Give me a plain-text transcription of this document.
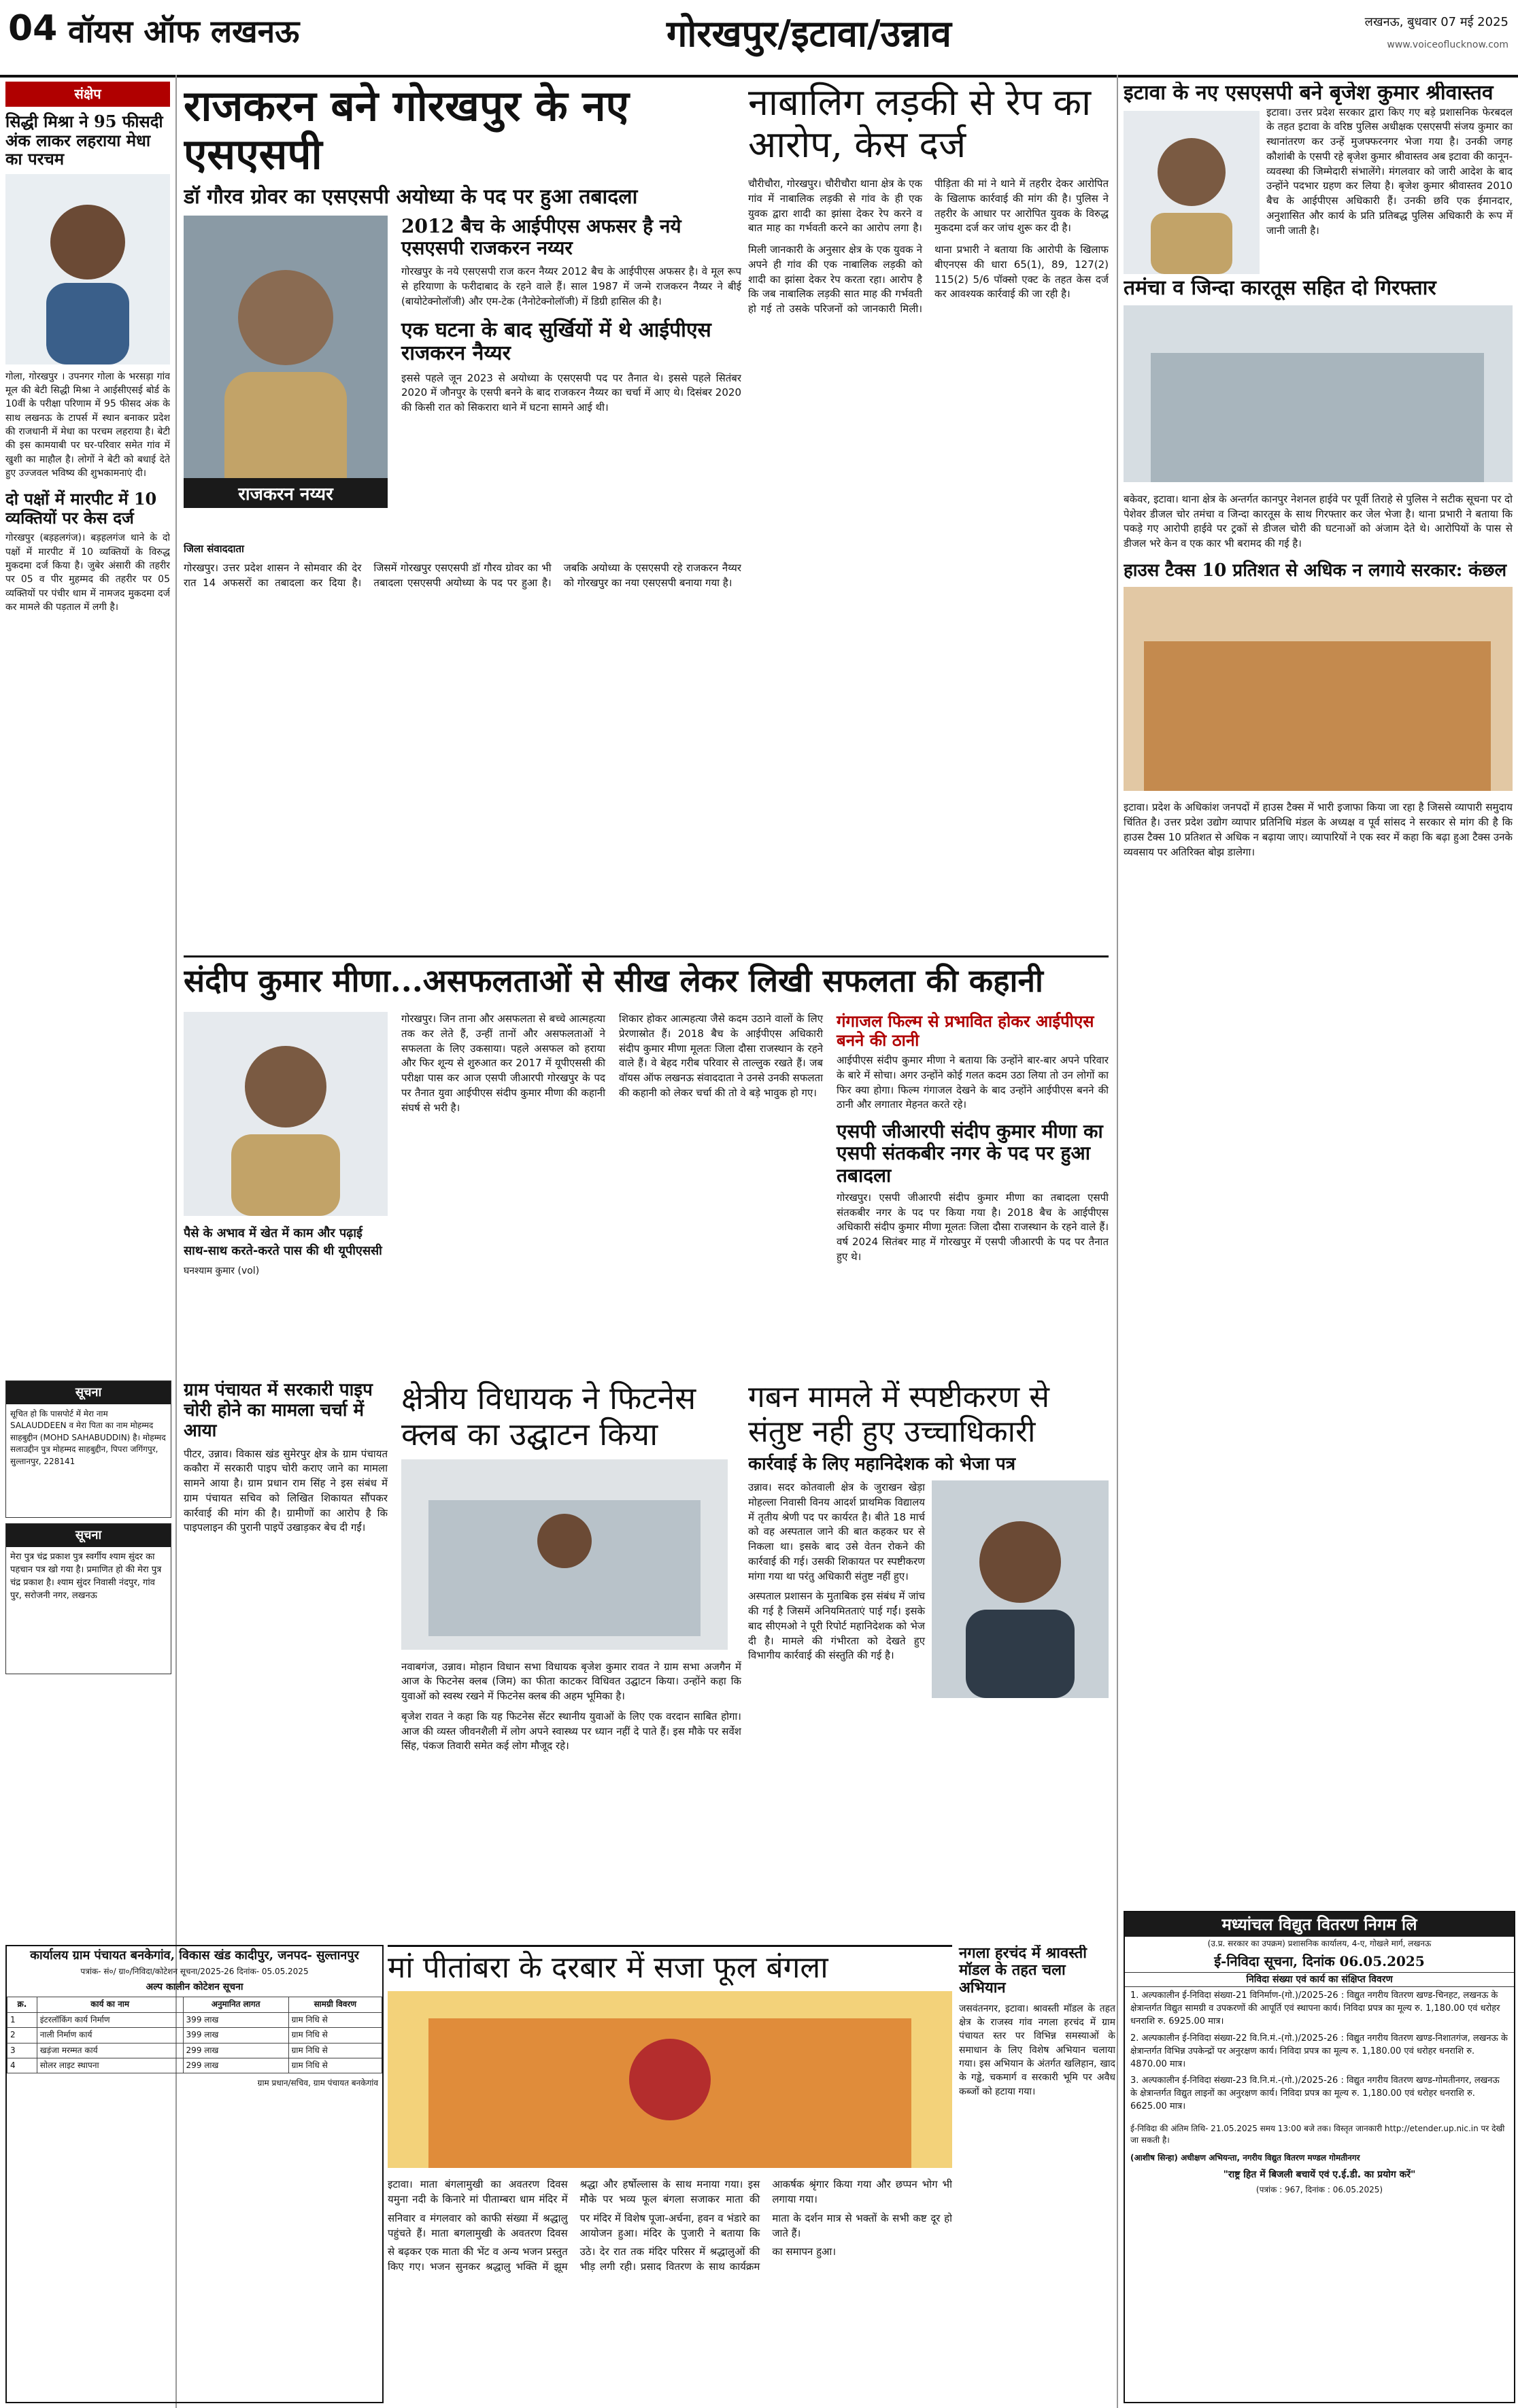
04 वॉयस ऑफ लखनऊ	गोरखपुर/इटावा/उन्नाव	लखनऊ, बुधवार 07 मई 2025
www.voiceoflucknow.com
संक्षेप
सिद्धी मिश्रा ने 95 फीसदी अंक लाकर लहराया मेधा का परचम
गोला, गोरखपुर । उपनगर गोला के भरसड़ा गांव मूल की बेटी सिद्धी मिश्रा ने आईसीएसई बोर्ड के 10वीं के परीक्षा परिणाम में 95 फीसद अंक के साथ लखनऊ के टापर्स में स्थान बनाकर प्रदेश की राजधानी में मेधा का परचम लहराया है। बेटी की इस कामयाबी पर घर-परिवार समेत गांव में खुशी का माहौल है। लोगों ने बेटी को बधाई देते हुए उज्जवल भविष्य की शुभकामनाएं दी।
दो पक्षों में मारपीट में 10 व्यक्तियों पर केस दर्ज
गोरखपुर (बड़हलगंज)। बड़हलगंज थाने के दो पक्षों में मारपीट में 10 व्यक्तियों के विरुद्ध मुकदमा दर्ज किया है। जुबेर अंसारी की तहरीर पर 05 व पीर मुहम्मद की तहरीर पर 05 व्यक्तियों पर पंचीर धाम में नामजद मुकदमा दर्ज कर मामले की पड़ताल में लगी है।
सूचना
सूचित हो कि पासपोर्ट में मेरा नाम SALAUDDEEN व मेरा पिता का नाम मोहम्मद साहबुद्दीन (MOHD SAHABUDDIN) है। मोहम्मद सलाउद्दीन पुत्र मोहम्मद साहबुद्दीन, पिपरा जगिंगपुर, सुल्तानपुर, 228141
सूचना
मेरा पुत्र चंद्र प्रकाश पुत्र स्वर्गीय श्याम सुंदर का पहचान पत्र खो गया है। प्रमाणित हो की मेरा पुत्र चंद्र प्रकाश है। श्याम सुंदर निवासी नंदपुर, गांव पुर, सरोजनी नगर, लखनऊ
राजकरन बने गोरखपुर के नए एसएसपी
डॉ गौरव ग्रोवर का एसएसपी अयोध्या के पद पर हुआ तबादला
राजकरन नय्यर
2012 बैच के आईपीएस अफसर है नये एसएसपी राजकरन नय्यर
गोरखपुर के नये एसएसपी राज करन नैय्यर 2012 बैच के आईपीएस अफसर है। वे मूल रूप से हरियाणा के फरीदाबाद के रहने वाले हैं। साल 1987 में जन्मे राजकरन नैय्यर ने बीई (बायोटेक्नोलॉजी) और एम-टेक (नैनोटेक्नोलॉजी) में डिग्री हासिल की है।
एक घटना के बाद सुर्खियों में थे आईपीएस राजकरन नैय्यर
इससे पहले जून 2023 से अयोध्या के एसएसपी पद पर तैनात थे। इससे पहले सितंबर 2020 में जौनपुर के एसपी बनने के बाद राजकरन नैय्यर का चर्चा में आए थे। दिसंबर 2020 की किसी रात को सिकरारा थाने में घटना सामने आई थी।
जिला संवाददाता
गोरखपुर। उत्तर प्रदेश शासन ने सोमवार की देर रात 14 अफसरों का तबादला कर दिया है। जिसमें गोरखपुर एसएसपी डॉ गौरव ग्रोवर का भी तबादला एसएसपी अयोध्या के पद पर हुआ है। जबकि अयोध्या के एसएसपी रहे राजकरन नैय्यर को गोरखपुर का नया एसएसपी बनाया गया है।
नाबालिग लड़की से रेप का आरोप, केस दर्ज
चौरीचौरा, गोरखपुर। चौरीचौरा थाना क्षेत्र के एक गांव में नाबालिक लड़की से गांव के ही एक युवक द्वारा शादी का झांसा देकर रेप करने व बात माह का गर्भवती करने का आरोप लगा है। पीड़िता की मां ने थाने में तहरीर देकर आरोपित के खिलाफ कार्रवाई की मांग की है। पुलिस ने तहरीर के आधार पर आरोपित युवक के विरुद्ध मुकदमा दर्ज कर जांच शुरू कर दी है।
मिली जानकारी के अनुसार क्षेत्र के एक युवक ने अपने ही गांव की एक नाबालिक लड़की को शादी का झांसा देकर रेप करता रहा। आरोप है कि जब नाबालिक लड़की सात माह की गर्भवती हो गई तो उसके परिजनों को जानकारी मिली। थाना प्रभारी ने बताया कि आरोपी के खिलाफ बीएनएस की धारा 65(1), 89, 127(2) 115(2) 5/6 पॉक्सो एक्ट के तहत केस दर्ज कर आवश्यक कार्रवाई की जा रही है।
संदीप कुमार मीणा...असफलताओं से सीख लेकर लिखी सफलता की कहानी
पैसे के अभाव में खेत में काम और पढ़ाई साथ-साथ करते-करते पास की थी यूपीएससी
घनश्याम कुमार (vol)
गोरखपुर। जिन ताना और असफलता से बच्चे आत्महत्या तक कर लेते हैं, उन्हीं तानों और असफलताओं ने सफलता के लिए उकसाया। पहले असफल को हराया और फिर शून्य से शुरुआत कर 2017 में यूपीएससी की परीक्षा पास कर आज एसपी जीआरपी गोरखपुर के पद पर तैनात युवा आईपीएस संदीप कुमार मीणा की कहानी संघर्ष से भरी है।
शिकार होकर आत्महत्या जैसे कदम उठाने वालों के लिए प्रेरणास्रोत हैं। 2018 बैच के आईपीएस अधिकारी संदीप कुमार मीणा मूलतः जिला दौसा राजस्थान के रहने वाले हैं। वे बेहद गरीब परिवार से ताल्लुक रखते हैं। जब वॉयस ऑफ लखनऊ संवाददाता ने उनसे उनकी सफलता की कहानी को लेकर चर्चा की तो वे बड़े भावुक हो गए।
गंगाजल फिल्म से प्रभावित होकर आईपीएस बनने की ठानी
आईपीएस संदीप कुमार मीणा ने बताया कि उन्होंने बार-बार अपने परिवार के बारे में सोचा। अगर उन्होंने कोई गलत कदम उठा लिया तो उन लोगों का फिर क्या होगा। फिल्म गंगाजल देखने के बाद उन्होंने आईपीएस बनने की ठानी और लगातार मेहनत करते रहे।
एसपी जीआरपी संदीप कुमार मीणा का एसपी संतकबीर नगर के पद पर हुआ तबादला
गोरखपुर। एसपी जीआरपी संदीप कुमार मीणा का तबादला एसपी संतकबीर नगर के पद पर किया गया है। 2018 बैच के आईपीएस अधिकारी संदीप कुमार मीणा मूलतः जिला दौसा राजस्थान के रहने वाले हैं। वर्ष 2024 सितंबर माह में गोरखपुर में एसपी जीआरपी के पद पर तैनात हुए थे।
ग्राम पंचायत में सरकारी पाइप चोरी होने का मामला चर्चा में आया
पीटर, उन्नाव। विकास खंड सुमेरपुर क्षेत्र के ग्राम पंचायत ककौरा में सरकारी पाइप चोरी कराए जाने का मामला सामने आया है। ग्राम प्रधान राम सिंह ने इस संबंध में ग्राम पंचायत सचिव को लिखित शिकायत सौंपकर कार्रवाई की मांग की है। ग्रामीणों का आरोप है कि पाइपलाइन की पुरानी पाइपें उखाड़कर बेच दी गईं।
क्षेत्रीय विधायक ने फिटनेस क्लब का उद्घाटन किया
नवाबगंज, उन्नाव। मोहान विधान सभा विधायक बृजेश कुमार रावत ने ग्राम सभा अजगैन में आज के फिटनेस क्लब (जिम) का फीता काटकर विधिवत उद्घाटन किया। उन्होंने कहा कि युवाओं को स्वस्थ रखने में फिटनेस क्लब की अहम भूमिका है।
बृजेश रावत ने कहा कि यह फिटनेस सेंटर स्थानीय युवाओं के लिए एक वरदान साबित होगा। आज की व्यस्त जीवनशैली में लोग अपने स्वास्थ्य पर ध्यान नहीं दे पाते हैं। इस मौके पर सर्वेश सिंह, पंकज तिवारी समेत कई लोग मौजूद रहे।
गबन मामले में स्पष्टीकरण से संतुष्ट नही हुए उच्चाधिकारी
कार्रवाई के लिए महानिदेशक को भेजा पत्र
उन्नाव। सदर कोतवाली क्षेत्र के जुराखन खेड़ा मोहल्ला निवासी विनय आदर्श प्राथमिक विद्यालय में तृतीय श्रेणी पद पर कार्यरत है। बीते 18 मार्च को वह अस्पताल जाने की बात कहकर घर से निकला था। इसके बाद उसे वेतन रोकने की कार्रवाई की गई। उसकी शिकायत पर स्पष्टीकरण मांगा गया था परंतु अधिकारी संतुष्ट नहीं हुए।
अस्पताल प्रशासन के मुताबिक इस संबंध में जांच की गई है जिसमें अनियमितताएं पाई गईं। इसके बाद सीएमओ ने पूरी रिपोर्ट महानिदेशक को भेज दी है। मामले की गंभीरता को देखते हुए विभागीय कार्रवाई की संस्तुति की गई है।
मां पीतांबरा के दरबार में सजा फूल बंगला
इटावा। माता बंगलामुखी का अवतरण दिवस यमुना नदी के किनारे मां पीताम्बरा धाम मंदिर में श्रद्धा और हर्षोल्लास के साथ मनाया गया। इस मौके पर भव्य फूल बंगला सजाकर माता की आकर्षक श्रृंगार किया गया और छप्पन भोग भी लगाया गया।
सनिवार व मंगलवार को काफी संख्या में श्रद्धालु पहुंचते हैं। माता बगलामुखी के अवतरण दिवस पर मंदिर में विशेष पूजा-अर्चना, हवन व भंडारे का आयोजन हुआ। मंदिर के पुजारी ने बताया कि माता के दर्शन मात्र से भक्तों के सभी कष्ट दूर हो जाते हैं।
से बढ़कर एक माता की भेंट व अन्य भजन प्रस्तुत किए गए। भजन सुनकर श्रद्धालु भक्ति में झूम उठे। देर रात तक मंदिर परिसर में श्रद्धालुओं की भीड़ लगी रही। प्रसाद वितरण के साथ कार्यक्रम का समापन हुआ।
नगला हरचंद में श्रावस्ती मॉडल के तहत चला अभियान
जसवंतनगर, इटावा। श्रावस्ती मॉडल के तहत क्षेत्र के राजस्व गांव नगला हरचंद में ग्राम पंचायत स्तर पर विभिन्न समस्याओं के समाधान के लिए विशेष अभियान चलाया गया। इस अभियान के अंतर्गत खलिहान, खाद के गड्ढे, चकमार्ग व सरकारी भूमि पर अवैध कब्जों को हटाया गया।
कार्यालय ग्राम पंचायत बनकेगांव, विकास खंड कादीपुर, जनपद- सुल्तानपुर
पत्रांक- सं०/ ग्रा०/निविदा/कोटेशन सूचना/2025-26 दिनांक- 05.05.2025
अल्प कालीन कोटेशन सूचना
क्र.	कार्य का नाम	अनुमानित लागत	सामग्री विवरण
1	इंटरलॉकिंग कार्य निर्माण	399 लाख	ग्राम निधि से
2	नाली निर्माण कार्य	399 लाख	ग्राम निधि से
3	खड़ंजा मरम्मत कार्य	299 लाख	ग्राम निधि से
4	सोलर लाइट स्थापना	299 लाख	ग्राम निधि से
ग्राम प्रधान/सचिव, ग्राम पंचायत बनकेगांव
इटावा के नए एसएसपी बने बृजेश कुमार श्रीवास्तव
इटावा। उत्तर प्रदेश सरकार द्वारा किए गए बड़े प्रशासनिक फेरबदल के तहत इटावा के वरिष्ठ पुलिस अधीक्षक एसएसपी संजय कुमार का स्थानांतरण कर उन्हें मुजफ्फरनगर भेजा गया है। उनकी जगह कौशांबी के एसपी रहे बृजेश कुमार श्रीवास्तव अब इटावा की कानून-व्यवस्था की जिम्मेदारी संभालेंगे। मंगलवार को जारी आदेश के बाद उन्होंने पदभार ग्रहण कर लिया है। बृजेश कुमार श्रीवास्तव 2010 बैच के आईपीएस अधिकारी हैं। उनकी छवि एक ईमानदार, अनुशासित और कार्य के प्रति प्रतिबद्ध पुलिस अधिकारी के रूप में जानी जाती है।
तमंचा व जिन्दा कारतूस सहित दो गिरफ्तार
बकेवर, इटावा। थाना क्षेत्र के अन्तर्गत कानपुर नेशनल हाईवे पर पूर्वी तिराहे से पुलिस ने सटीक सूचना पर दो पेशेवर डीजल चोर तमंचा व जिन्दा कारतूस के साथ गिरफ्तार कर जेल भेजा है। थाना प्रभारी ने बताया कि पकड़े गए आरोपी हाईवे पर ट्रकों से डीजल चोरी की घटनाओं को अंजाम देते थे। आरोपियों के पास से डीजल भरे केन व एक कार भी बरामद की गई है।
हाउस टैक्स 10 प्रतिशत से अधिक न लगाये सरकार: कंछल
इटावा। प्रदेश के अधिकांश जनपदों में हाउस टैक्स में भारी इजाफा किया जा रहा है जिससे व्यापारी समुदाय चिंतित है। उत्तर प्रदेश उद्योग व्यापार प्रतिनिधि मंडल के अध्यक्ष व पूर्व सांसद ने सरकार से मांग की है कि हाउस टैक्स 10 प्रतिशत से अधिक न बढ़ाया जाए। व्यापारियों ने एक स्वर में कहा कि बढ़ा हुआ टैक्स उनके व्यवसाय पर अतिरिक्त बोझ डालेगा।
मध्यांचल विद्युत वितरण निगम लि
(उ.प्र. सरकार का उपक्रम) प्रशासनिक कार्यालय, 4-ए, गोखले मार्ग, लखनऊ
ई-निविदा सूचना, दिनांक 06.05.2025
निविदा संख्या एवं कार्य का संक्षिप्त विवरण

1. अल्पकालीन ई-निविदा संख्या-21 विनिर्माण-(गो.)/2025-26 : विद्युत नगरीय वितरण खण्ड-चिनहट, लखनऊ के क्षेत्रान्तर्गत विद्युत सामग्री व उपकरणों की आपूर्ति एवं स्थापना कार्य। निविदा प्रपत्र का मूल्य रु. 1,180.00 एवं धरोहर धनराशि रु. 6925.00 मात्र।

2. अल्पकालीन ई-निविदा संख्या-22 वि.नि.मं.-(गो.)/2025-26 : विद्युत नगरीय वितरण खण्ड-निशातगंज, लखनऊ के क्षेत्रान्तर्गत विभिन्न उपकेन्द्रों पर अनुरक्षण कार्य। निविदा प्रपत्र का मूल्य रु. 1,180.00 एवं धरोहर धनराशि रु. 4870.00 मात्र।

3. अल्पकालीन ई-निविदा संख्या-23 वि.नि.मं.-(गो.)/2025-26 : विद्युत नगरीय वितरण खण्ड-गोमतीनगर, लखनऊ के क्षेत्रान्तर्गत विद्युत लाइनों का अनुरक्षण कार्य। निविदा प्रपत्र का मूल्य रु. 1,180.00 एवं धरोहर धनराशि रु. 6625.00 मात्र।

ई-निविदा की अंतिम तिथि- 21.05.2025 समय 13:00 बजे तक। विस्तृत जानकारी http://etender.up.nic.in पर देखी जा सकती है।
(आशीष सिन्हा) अधीक्षण अभियन्ता, नगरीय विद्युत वितरण मण्डल गोमतीनगर
"राष्ट्र हित में बिजली बचायें एवं ए.ई.डी. का प्रयोग करें"
(पत्रांक : 967, दिनांक : 06.05.2025)
